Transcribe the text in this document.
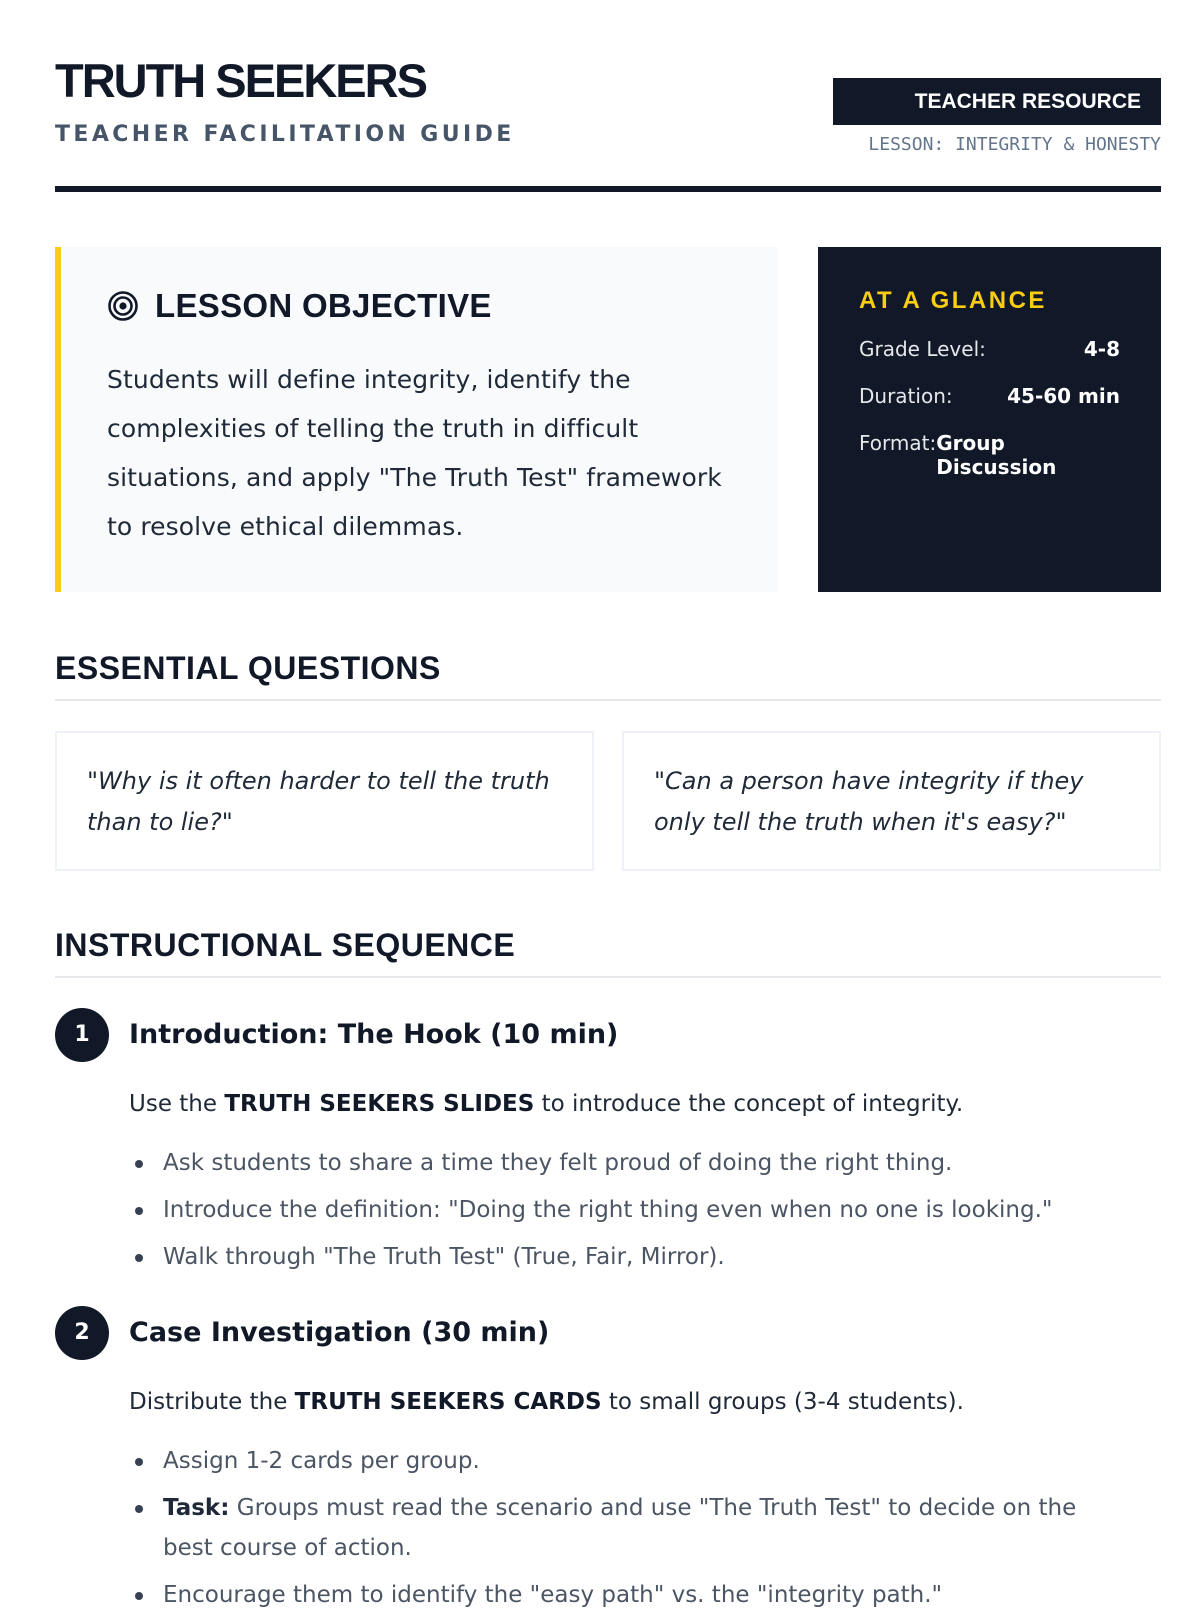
TRUTH SEEKERS
TEACHER FACILITATION GUIDE
TEACHER RESOURCE
LESSON: INTEGRITY & HONESTY
LESSON OBJECTIVE

Students will define integrity, identify the complexities of telling the truth in difficult situations, and apply "The Truth Test" framework to resolve ethical dilemmas.

AT A GLANCE
Grade Level:	4-8
Duration:	45-60 min
Format: Group Discussion
ESSENTIAL QUESTIONS
"Why is it often harder to tell the truth than to lie?"
"Can a person have integrity if they only tell the truth when it's easy?"
INSTRUCTIONAL SEQUENCE
1	Introduction: The Hook (10 min)

Use the TRUTH SEEKERS SLIDES to introduce the concept of integrity.

Ask students to share a time they felt proud of doing the right thing.
Introduce the definition: "Doing the right thing even when no one is looking."
Walk through "The Truth Test" (True, Fair, Mirror).
2	Case Investigation (30 min)

Distribute the TRUTH SEEKERS CARDS to small groups (3-4 students).

Assign 1-2 cards per group.
Task: Groups must read the scenario and use "The Truth Test" to decide on the best course of action.
Encourage them to identify the "easy path" vs. the "integrity path."
